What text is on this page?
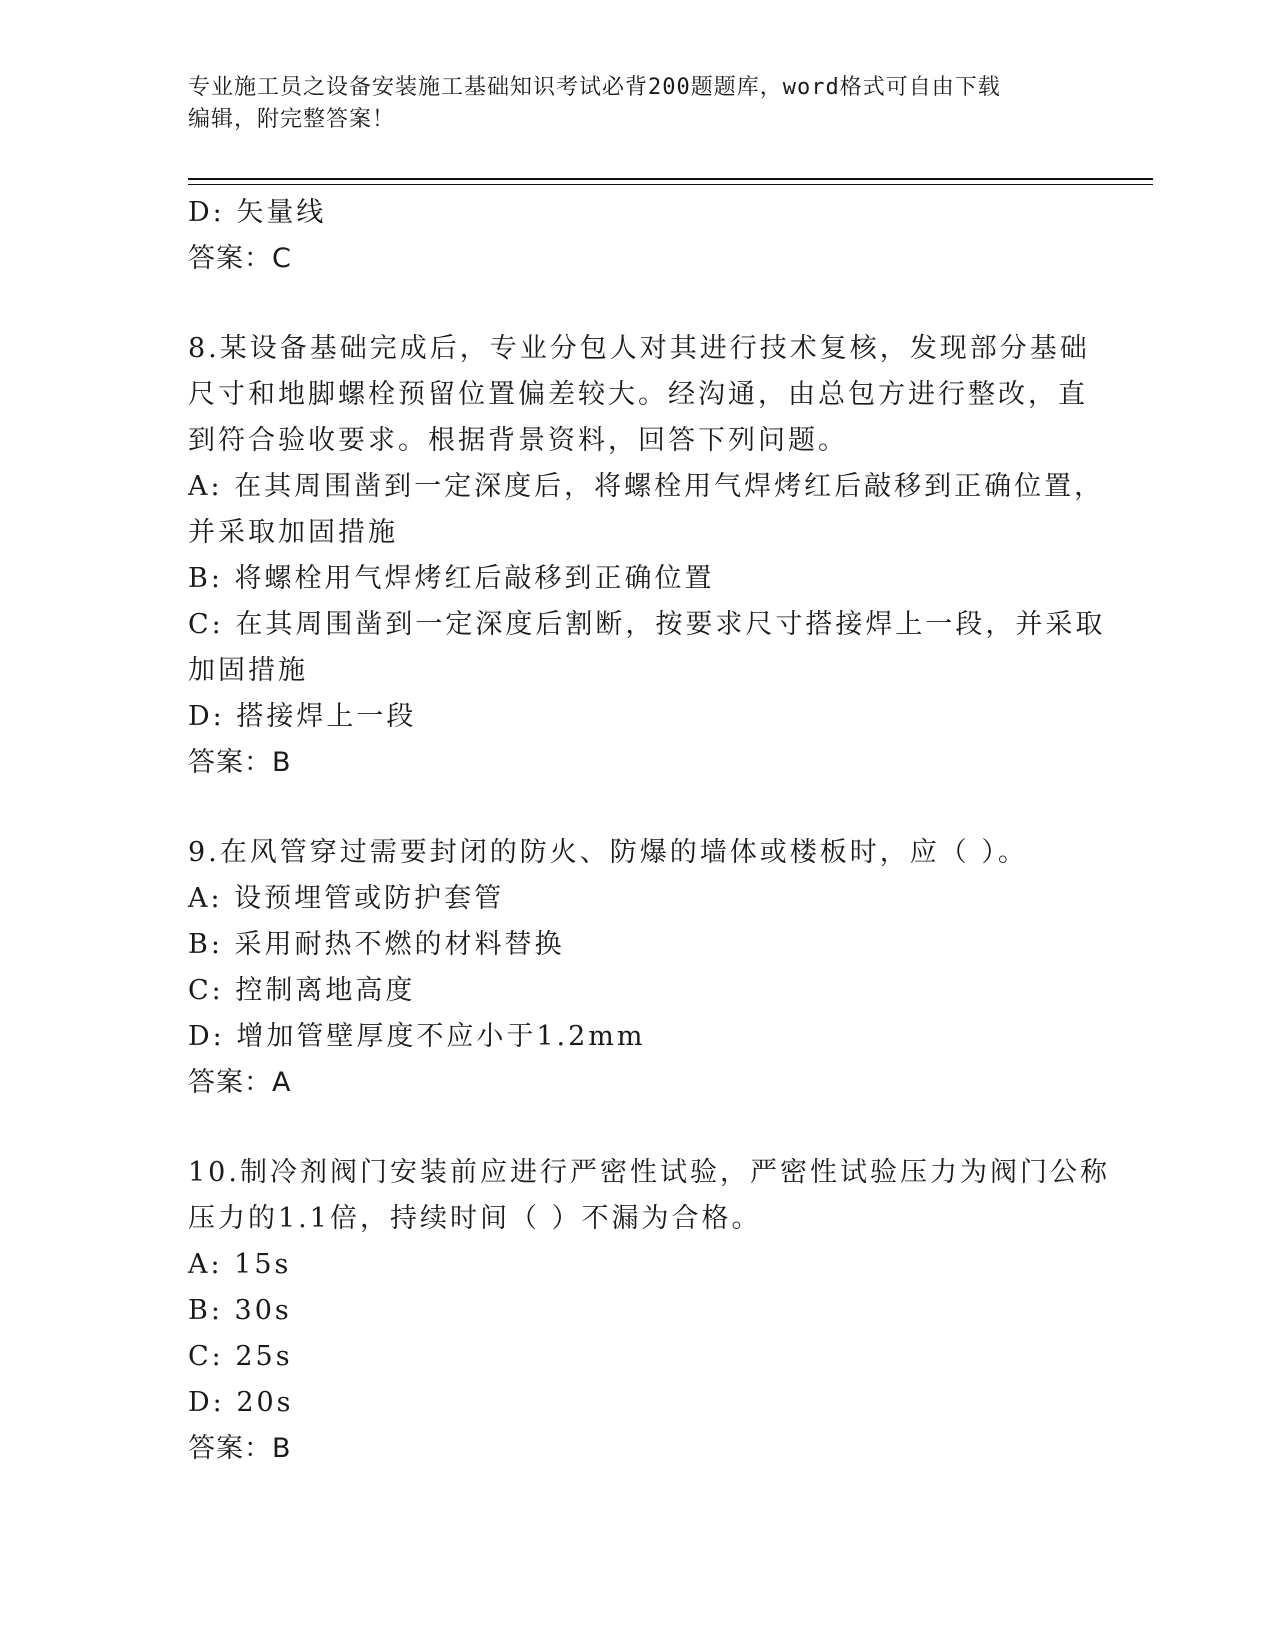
专业施工员之设备安装施工基础知识考试必背200题题库，word格式可自由下载
编辑，附完整答案！
D: 矢量线
答案：C
8.某设备基础完成后，专业分包人对其进行技术复核，发现部分基础
尺寸和地脚螺栓预留位置偏差较大。经沟通，由总包方进行整改，直
到符合验收要求。根据背景资料，回答下列问题。
A: 在其周围凿到一定深度后，将螺栓用气焊烤红后敲移到正确位置，
并采取加固措施
B: 将螺栓用气焊烤红后敲移到正确位置
C: 在其周围凿到一定深度后割断，按要求尺寸搭接焊上一段，并采取
加固措施
D: 搭接焊上一段
答案：B
9.在风管穿过需要封闭的防火、防爆的墙体或楼板时，应（ ）。
A: 设预埋管或防护套管
B: 采用耐热不燃的材料替换
C: 控制离地高度
D: 增加管壁厚度不应小于1.2mm
答案：A
10.制冷剂阀门安装前应进行严密性试验，严密性试验压力为阀门公称
压力的1.1倍，持续时间（ ）不漏为合格。
A: 15s
B: 30s
C: 25s
D: 20s
答案：B
